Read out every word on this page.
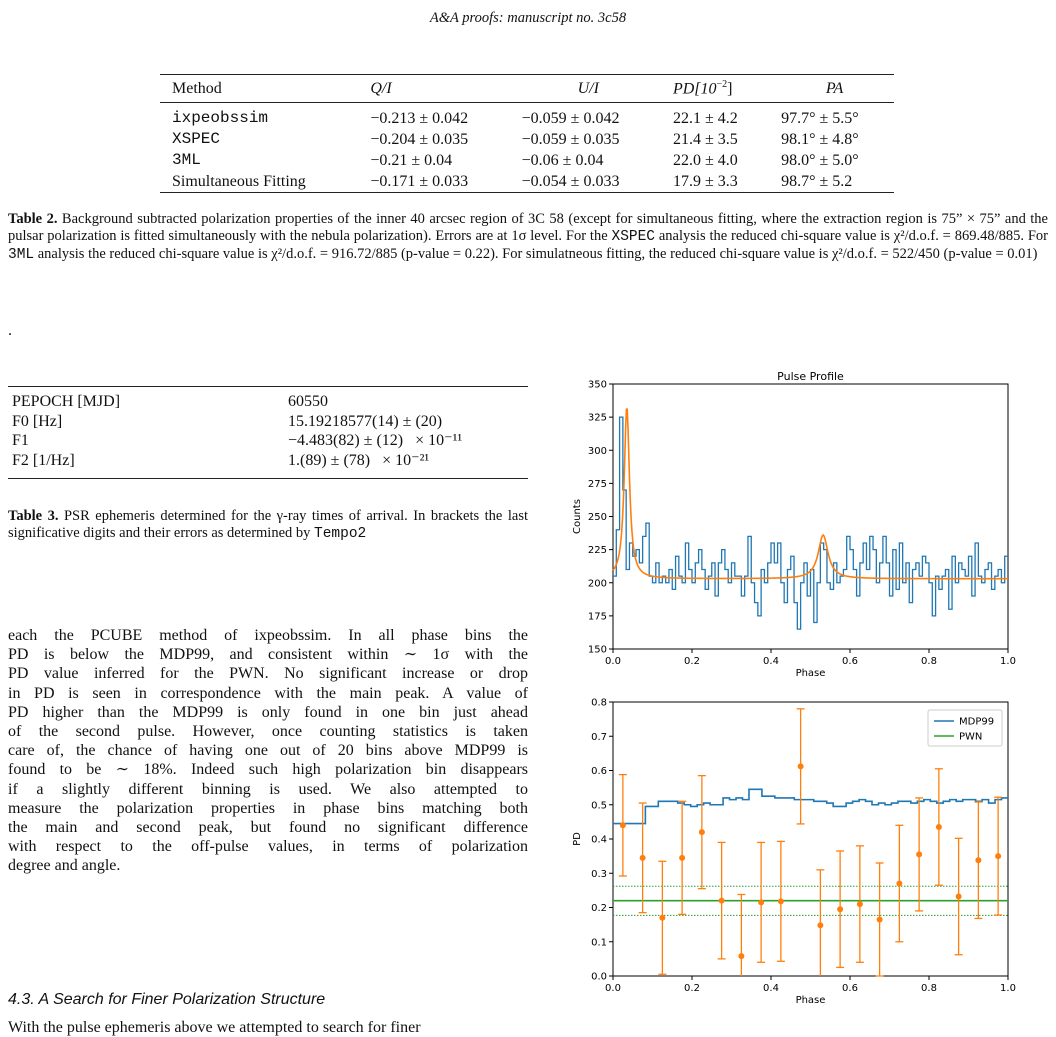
A&A proofs: manuscript no. 3c58
Method	Q/I	U/I	$PD[10^{-2}]$	PA
ixpeobssim	−0.213 ± 0.042	−0.059 ± 0.042	22.1 ± 4.2	97.7° ± 5.5°
XSPEC	−0.204 ± 0.035	−0.059 ± 0.035	21.4 ± 3.5	98.1° ± 4.8°
3ML	−0.21 ± 0.04	−0.06 ± 0.04	22.0 ± 4.0	98.0° ± 5.0°
Simultaneous Fitting	−0.171 ± 0.033	−0.054 ± 0.033	17.9 ± 3.3	98.7° ± 5.2
Table 2. Background subtracted polarization properties of the inner 40 arcsec region of 3C 58 (except for simultaneous fitting, where the extraction region is 75” × 75” and the pulsar polarization is fitted simultaneously with the nebula polarization). Errors are at 1σ level. For the XSPEC analysis the reduced chi-square value is χ²/d.o.f. = 869.48/885. For 3ML analysis the reduced chi-square value is χ²/d.o.f. = 916.72/885 (p-value = 0.22). For simulatneous fitting, the reduced chi-square value is χ²/d.o.f. = 522/450 (p-value = 0.01)
.
PEPOCH [MJD]	60550
F0 [Hz]	15.19218577(14) ± (20)
F1	−4.483(82) ± (12) × 10⁻¹¹
F2 [1/Hz]	1.(89) ± (78) × 10⁻²¹
Table 3. PSR ephemeris determined for the γ-ray times of arrival. In brackets the last significative digits and their errors as determined by Tempo2
each the PCUBE method of ixpeobssim. In all phase bins the
PD is below the MDP99, and consistent within ∼ 1σ with the
PD value inferred for the PWN. No significant increase or drop
in PD is seen in correspondence with the main peak. A value of
PD higher than the MDP99 is only found in one bin just ahead
of the second pulse. However, once counting statistics is taken
care of, the chance of having one out of 20 bins above MDP99 is
found to be ∼ 18%. Indeed such high polarization bin disappears
if a slightly different binning is used. We also attempted to
measure the polarization properties in phase bins matching both
the main and second peak, but found no significant difference
with respect to the off-pulse values, in terms of polarization
degree and angle.
4.3. A Search for Finer Polarization Structure
With the pulse ephemeris above we attempted to search for finer
0.0	0.2	0.4	0.6	0.8	1.0
150
175
200
225
250
275
300
325
350
Phase
Counts
Pulse Profile
0.0	0.2	0.4	0.6	0.8	1.0
0.0
0.1
0.2
0.3
0.4
0.5
0.6
0.7
0.8
Phase
PD
MDP99
PWN
